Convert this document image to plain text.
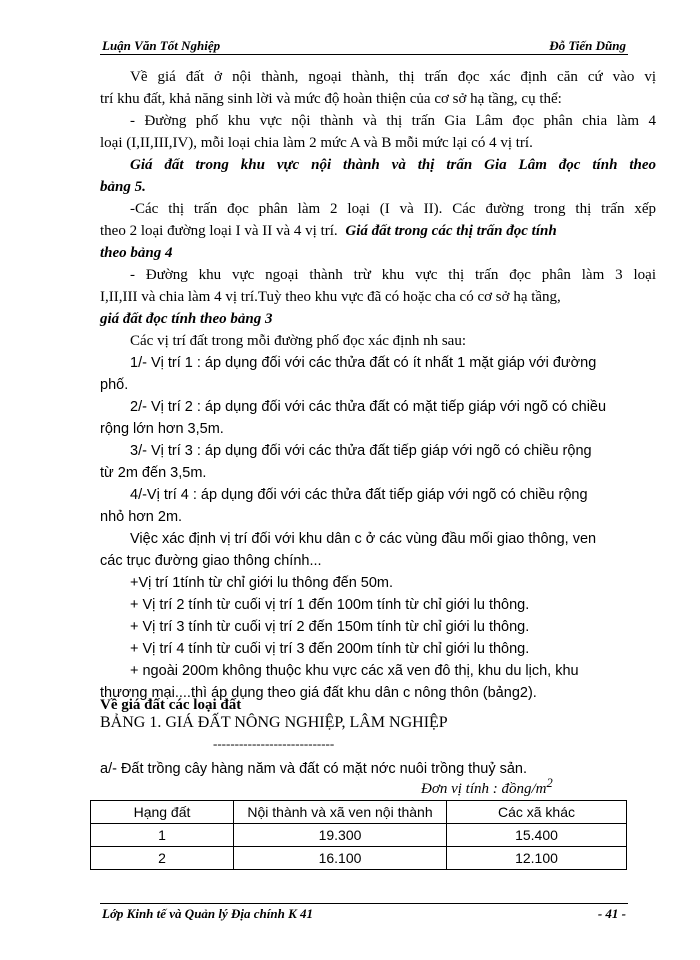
Luận Văn Tốt Nghiệp	Đỗ Tiến Dũng
Về giá đất ở nội thành, ngoại thành, thị trấn đọc xác định căn cứ vào vị
trí khu đất, khả năng sinh lời và mức độ hoàn thiện của cơ sở hạ tầng, cụ thể:
- Đường phố khu vực nội thành và thị trấn Gia Lâm đọc phân chia làm 4
loại (I,II,III,IV), mỗi loại chia làm 2 mức A và B mỗi mức lại có 4 vị trí.
Giá đất trong khu vực nội thành và thị trấn Gia Lâm đọc tính theo
bảng 5.
-Các thị trấn đọc phân làm 2 loại (I và II). Các đường trong thị trấn xếp
theo 2 loại đường loại I và II và 4 vị trí. Giá đất trong các thị trấn đọc tính
theo bảng 4
- Đường khu vực ngoại thành trừ khu vực thị trấn đọc phân làm 3 loại
I,II,III và chia làm 4 vị trí.Tuỳ theo khu vực đã có hoặc cha có cơ sở hạ tầng,
giá đất đọc tính theo bảng 3
Các vị trí đất trong mỗi đường phố đọc xác định nh sau:
1/- Vị trí 1 : áp dụng đối với các thửa đất có ít nhất 1 mặt giáp với đường
phố.
2/- Vị trí 2 : áp dụng đối với các thửa đất có mặt tiếp giáp với ngõ có chiều
rộng lớn hơn 3,5m.
3/- Vị trí 3 : áp dụng đối với các thửa đất tiếp giáp với ngõ có chiều rộng
từ 2m đến 3,5m.
4/-Vị trí 4 : áp dụng đối với các thửa đất tiếp giáp với ngõ có chiều rộng
nhỏ hơn 2m.
Việc xác định vị trí đối với khu dân c ở các vùng đầu mối giao thông, ven
các trục đường giao thông chính...
+Vị trí 1tính từ chỉ giới lu thông đến 50m.
+ Vị trí 2 tính từ cuối vị trí 1 đến 100m tính từ chỉ giới lu thông.
+ Vị trí 3 tính từ cuối vị trí 2 đến 150m tính từ chỉ giới lu thông.
+ Vị trí 4 tính từ cuối vị trí 3 đến 200m tính từ chỉ giới lu thông.
+ ngoài 200m không thuộc khu vực các xã ven đô thị, khu du lịch, khu
thương mại....thì áp dụng theo giá đất khu dân c nông thôn (bảng2).
Về giá đất các loại đất
BẢNG 1. GIÁ ĐẤT NÔNG NGHIỆP, LÂM NGHIỆP
----------------------------
a/- Đất trồng cây hàng năm và đất có mặt nớc nuôi trồng thuỷ sản.
Đơn vị tính : đồng/$m^2$
Hạng đất	Nội thành và xã ven nội thành	Các xã khác
1	19.300	15.400
2	16.100	12.100
Lớp Kinh tế và Quản lý Địa chính K 41	- 41 -
